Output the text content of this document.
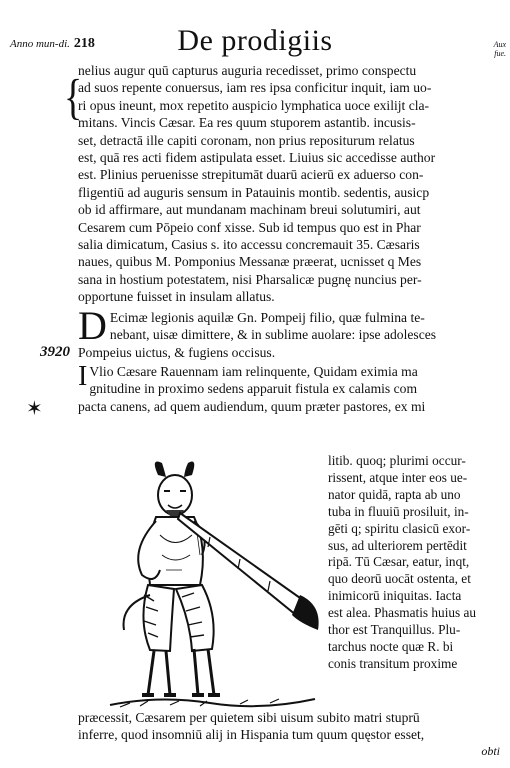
Anno mun-di. 218	De prodigiis	Aux fue.
{
nelius augur quū capturus auguria recedisset, primo conspectu
ad suos repente conuersus, iam res ipsa conficitur inquit, iam uo-
ri opus ineunt, mox repetito auspicio lymphatica uoce exilijt cla-
mitans. Vincis Cæsar. Ea res quum stuporem astantib. incusis-
set, detractā ille capiti coronam, non prius repositurum relatus
est, quā res acti fidem astipulata esset. Liuius sic accedisse author
est. Plinius peruenisse strepitumāt duarū acierū ex aduerso con-
fligentiū ad auguris sensum in Patauinis montib. sedentis, ausicp
ob id affirmare, aut mundanam machinam breui solutumiri, aut
Cesarem cum Pōpeio conf xisse. Sub id tempus quo est in Phar
salia dimicatum, Casius s. ito accessu concremauit 35. Cæsaris
naues, quibus M. Pomponius Messanæ præerat, ucnisset q Mes
sana in hostium potestatem, nisi Pharsalicæ pugnę nuncius per-
opportune fuisset in insulam allatus.
D Ecimæ legionis aquilæ Gn. Pompeij filio, quæ fulmina te-
nebant, uisæ dimittere, & in sublime auolare: ipse adolesces
Pompeius uictus, & fugiens occisus.
I Vlio Cæsare Rauennam iam relinquente, Quidam eximia ma
gnitudine in proximo sedens apparuit fistula ex calamis com
pacta canens, ad quem audiendum, quum præter pastores, ex mi
3920
✶
litib. quoq; plurimi occur-
rissent, atque inter eos ue-
nator quidā, rapta ab uno
tuba in fluuiū prosiluit, in-
gēti q; spiritu clasicū exor-
sus, ad ulteriorem pertēdit
ripā. Tū Cæsar, eatur, inqt,
quo deorū uocāt ostenta, et
inimicorū iniquitas. Iacta
est alea. Phasmatis huius au
thor est Tranquillus. Plu-
tarchus nocte quæ R. bi
conis transitum proxime
præcessit, Cæsarem per quietem sibi uisum subito matri stuprū
inferre, quod insomniū alij in Hispania tum quum quęstor esset,
obti
